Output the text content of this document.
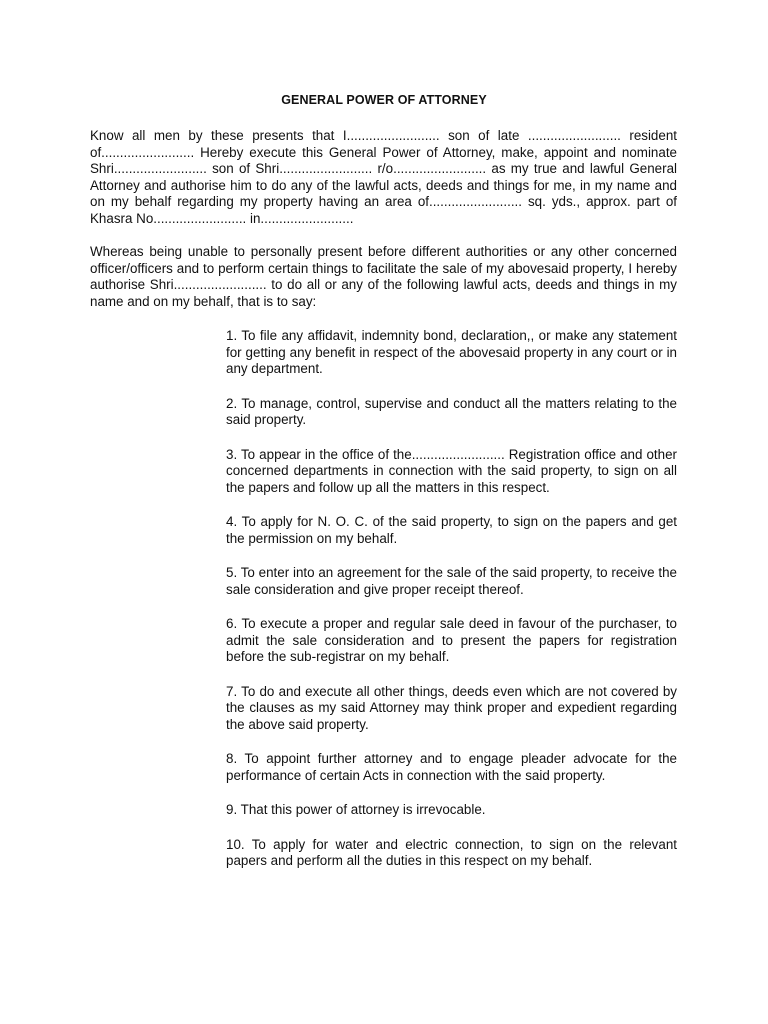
GENERAL POWER OF ATTORNEY

Know all men by these presents that I......................... son of late ......................... resident of......................... Hereby execute this General Power of Attorney, make, appoint and nominate Shri......................... son of Shri......................... r/o......................... as my true and lawful General Attorney and authorise him to do any of the lawful acts, deeds and things for me, in my name and on my behalf regarding my property having an area of......................... sq. yds., approx. part of Khasra No......................... in.........................

Whereas being unable to personally present before different authorities or any other concerned officer/officers and to perform certain things to facilitate the sale of my abovesaid property, I hereby authorise Shri......................... to do all or any of the following lawful acts, deeds and things in my name and on my behalf, that is to say:

1. To file any affidavit, indemnity bond, declaration,, or make any statement for getting any benefit in respect of the abovesaid property in any court or in any department.
2. To manage, control, supervise and conduct all the matters relating to the said property.
3. To appear in the office of the......................... Registration office and other concerned departments in connection with the said property, to sign on all the papers and follow up all the matters in this respect.
4. To apply for N. O. C. of the said property, to sign on the papers and get the permission on my behalf.
5. To enter into an agreement for the sale of the said property, to receive the sale consideration and give proper receipt thereof.
6. To execute a proper and regular sale deed in favour of the purchaser, to admit the sale consideration and to present the papers for registration before the sub-registrar on my behalf.
7. To do and execute all other things, deeds even which are not covered by the clauses as my said Attorney may think proper and expedient regarding the above said property.
8. To appoint further attorney and to engage pleader advocate for the performance of certain Acts in connection with the said property.
9. That this power of attorney is irrevocable.
10. To apply for water and electric connection, to sign on the relevant papers and perform all the duties in this respect on my behalf.
